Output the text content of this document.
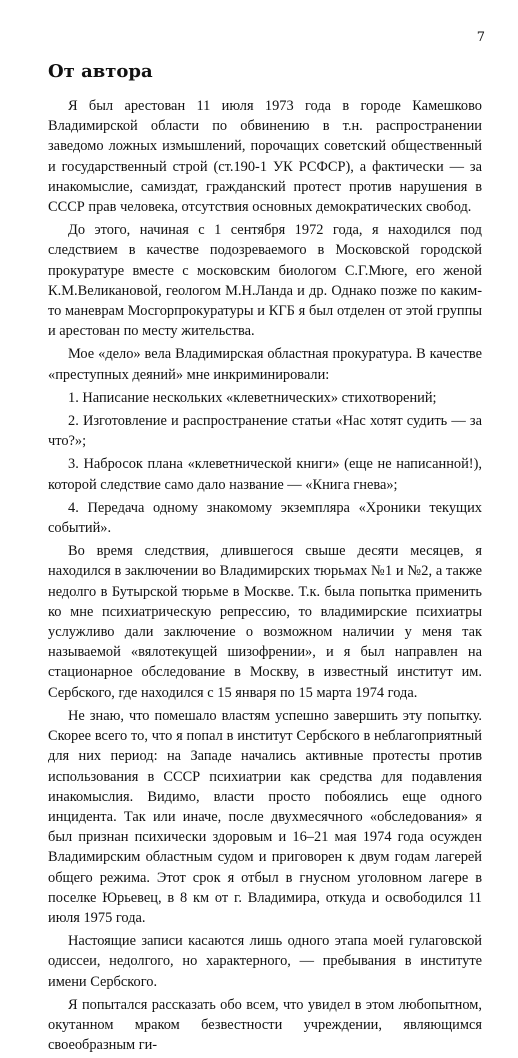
7
От автора

Я был арестован 11 июля 1973 года в городе Камешково Владимирской области по обвинению в т.н. распространении заведомо ложных измышлений, порочащих советский общественный и государственный строй (ст.190-1 УК РСФСР), а фактически — за инакомыслие, самиздат, гражданский протест против нарушения в СССР прав человека, отсутствия основных демократических свобод.

До этого, начиная с 1 сентября 1972 года, я находился под следствием в качестве подозреваемого в Московской городской прокуратуре вместе с московским биологом С.Г.Мюге, его женой К.М.Великановой, геологом М.Н.Ланда и др. Однако позже по каким-то маневрам Мосгорпрокуратуры и КГБ я был отделен от этой группы и арестован по месту жительства.

Мое «дело» вела Владимирская областная прокуратура. В качестве «преступных деяний» мне инкриминировали:

1. Написание нескольких «клеветнических» стихотворений;

2. Изготовление и распространение статьи «Нас хотят судить — за что?»;

3. Набросок плана «клеветнической книги» (еще не написанной!), которой следствие само дало название — «Книга гнева»;

4. Передача одному знакомому экземпляра «Хроники текущих событий».

Во время следствия, длившегося свыше десяти месяцев, я находился в заключении во Владимирских тюрьмах №1 и №2, а также недолго в Бутырской тюрьме в Москве. Т.к. была попытка применить ко мне психиатрическую репрессию, то владимирские психиатры услужливо дали заключение о возможном наличии у меня так называемой «вялотекущей шизофрении», и я был направлен на стационарное обследование в Москву, в известный институт им. Сербского, где находился с 15 января по 15 марта 1974 года.

Не знаю, что помешало властям успешно завершить эту попытку. Скорее всего то, что я попал в институт Сербского в неблагоприятный для них период: на Западе начались активные протесты против использования в СССР психиатрии как средства для подавления инакомыслия. Видимо, власти просто побоялись еще одного инцидента. Так или иначе, после двухмесячного «обследования» я был признан психически здоровым и 16–21 мая 1974 года осужден Владимирским областным судом и приговорен к двум годам лагерей общего режима. Этот срок я отбыл в гнусном уголовном лагере в поселке Юрьевец, в 8 км от г. Владимира, откуда и освободился 11 июля 1975 года.

Настоящие записи касаются лишь одного этапа моей гулаговской одиссеи, недолгого, но характерного, — пребывания в институте имени Сербского.

Я попытался рассказать обо всем, что увидел в этом любопытном, окутанном мраком безвестности учреждении, являющимся своеобразным ги-
